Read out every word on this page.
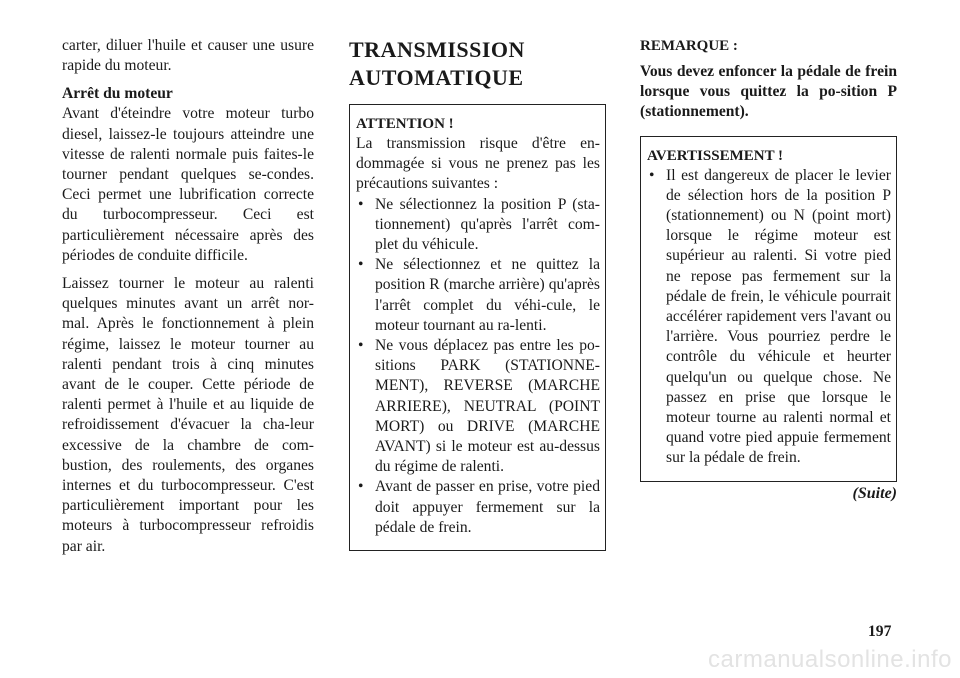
carter, diluer l'huile et causer une usure rapide du moteur.

Arrêt du moteur

Avant d'éteindre votre moteur turbo diesel, laissez-le toujours atteindre une vitesse de ralenti normale puis faites-le tourner pendant quelques se-condes. Ceci permet une lubrification correcte du turbocompresseur. Ceci est particulièrement nécessaire après des périodes de conduite difficile.

Laissez tourner le moteur au ralenti quelques minutes avant un arrêt nor-mal. Après le fonctionnement à plein régime, laissez le moteur tourner au ralenti pendant trois à cinq minutes avant de le couper. Cette période de ralenti permet à l'huile et au liquide de refroidissement d'évacuer la cha-leur excessive de la chambre de com-bustion, des roulements, des organes internes et du turbocompresseur. C'est particulièrement important pour les moteurs à turbocompresseur refroidis par air.

TRANSMISSION
AUTOMATIQUE
ATTENTION !

La transmission risque d'être en-dommagée si vous ne prenez pas les précautions suivantes :

• Ne sélectionnez la position P (sta-tionnement) qu'après l'arrêt com-plet du véhicule.
• Ne sélectionnez et ne quittez la position R (marche arrière) qu'après l'arrêt complet du véhi-cule, le moteur tournant au ra-lenti.
• Ne vous déplacez pas entre les po-sitions PARK (STATIONNE-MENT), REVERSE (MARCHE ARRIERE), NEUTRAL (POINT MORT) ou DRIVE (MARCHE AVANT) si le moteur est au-dessus du régime de ralenti.
• Avant de passer en prise, votre pied doit appuyer fermement sur la pédale de frein.
REMARQUE :
Vous devez enfoncer la pédale de frein lorsque vous quittez la po-sition P (stationnement).
AVERTISSEMENT !
• Il est dangereux de placer le levier de sélection hors de la position P (stationnement) ou N (point mort) lorsque le régime moteur est supérieur au ralenti. Si votre pied ne repose pas fermement sur la pédale de frein, le véhicule pourrait accélérer rapidement vers l'avant ou l'arrière. Vous pourriez perdre le contrôle du véhicule et heurter quelqu'un ou quelque chose. Ne passez en prise que lorsque le moteur tourne au ralenti normal et quand votre pied appuie fermement sur la pédale de frein.
(Suite)
197
carmanualsonline.info
